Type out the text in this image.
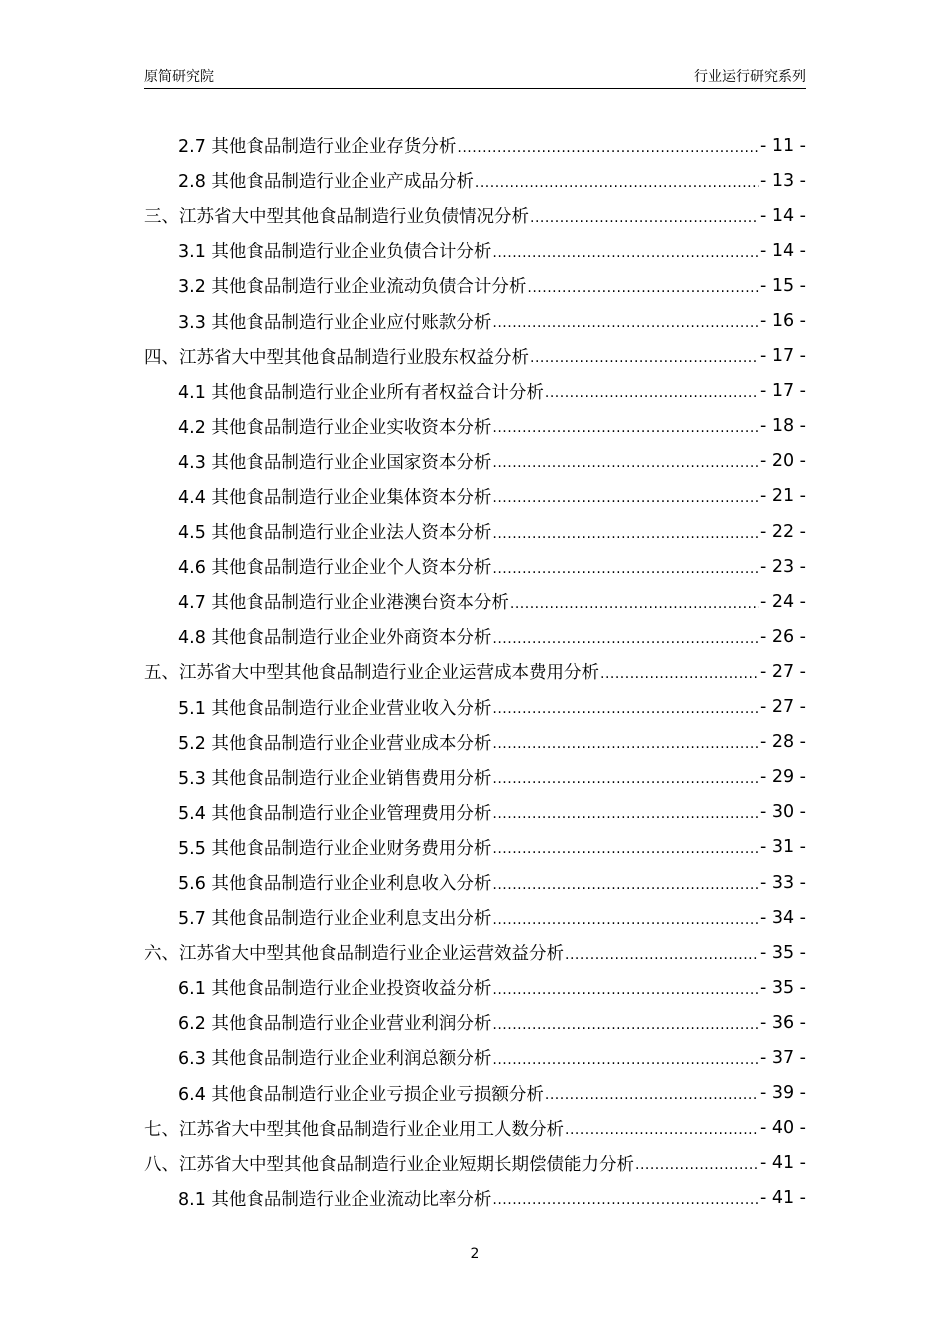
原简研究院	行业运行研究系列
2.7 其他食品制造行业企业存货分析 .....	- 11 -
2.8 其他食品制造行业企业产成品分析 .....	- 13 -
三、江苏省大中型其他食品制造行业负债情况分析 .....	- 14 -
3.1 其他食品制造行业企业负债合计分析 .....	- 14 -
3.2 其他食品制造行业企业流动负债合计分析 .....	- 15 -
3.3 其他食品制造行业企业应付账款分析 .....	- 16 -
四、江苏省大中型其他食品制造行业股东权益分析 .....	- 17 -
4.1 其他食品制造行业企业所有者权益合计分析 .....	- 17 -
4.2 其他食品制造行业企业实收资本分析 .....	- 18 -
4.3 其他食品制造行业企业国家资本分析 .....	- 20 -
4.4 其他食品制造行业企业集体资本分析 .....	- 21 -
4.5 其他食品制造行业企业法人资本分析 .....	- 22 -
4.6 其他食品制造行业企业个人资本分析 .....	- 23 -
4.7 其他食品制造行业企业港澳台资本分析 .....	- 24 -
4.8 其他食品制造行业企业外商资本分析 .....	- 26 -
五、江苏省大中型其他食品制造行业企业运营成本费用分析 .....	- 27 -
5.1 其他食品制造行业企业营业收入分析 .....	- 27 -
5.2 其他食品制造行业企业营业成本分析 .....	- 28 -
5.3 其他食品制造行业企业销售费用分析 .....	- 29 -
5.4 其他食品制造行业企业管理费用分析 .....	- 30 -
5.5 其他食品制造行业企业财务费用分析 .....	- 31 -
5.6 其他食品制造行业企业利息收入分析 .....	- 33 -
5.7 其他食品制造行业企业利息支出分析 .....	- 34 -
六、江苏省大中型其他食品制造行业企业运营效益分析 .....	- 35 -
6.1 其他食品制造行业企业投资收益分析 .....	- 35 -
6.2 其他食品制造行业企业营业利润分析 .....	- 36 -
6.3 其他食品制造行业企业利润总额分析 .....	- 37 -
6.4 其他食品制造行业企业亏损企业亏损额分析 .....	- 39 -
七、江苏省大中型其他食品制造行业企业用工人数分析 .....	- 40 -
八、江苏省大中型其他食品制造行业企业短期长期偿债能力分析 .....	- 41 -
8.1 其他食品制造行业企业流动比率分析 .....	- 41 -
2
